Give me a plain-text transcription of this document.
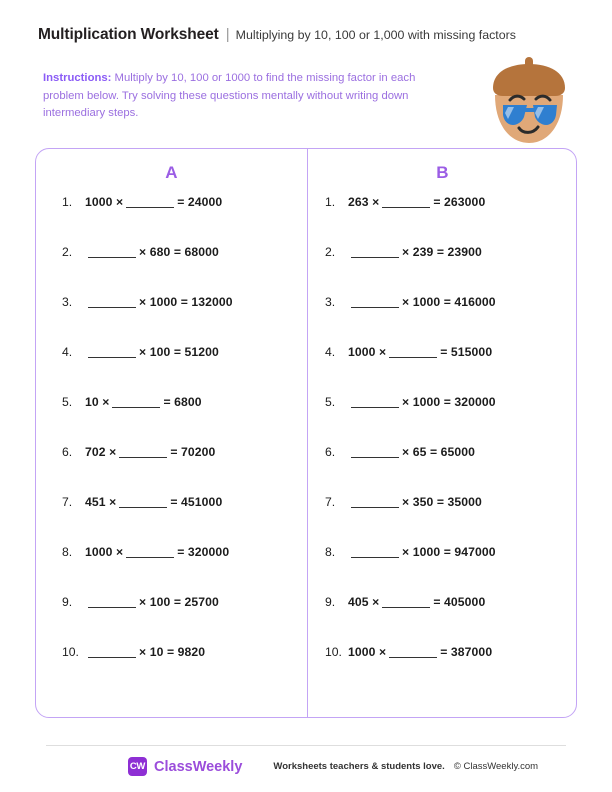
Multiplication Worksheet | Multiplying by 10, 100 or 1,000 with missing factors
Instructions: Multiply by 10, 100 or 1000 to find the missing factor in each problem below. Try solving these questions mentally without writing down intermediary steps.
A
1.	1000 ×	= 24000
2.	× 680 = 68000
3.	× 1000 = 132000
4.	× 100 = 51200
5.	10 ×	= 6800
6.	702 ×	= 70200
7.	451 ×	= 451000
8.	1000 ×	= 320000
9.	× 100 = 25700
10.	× 10 = 9820
B
1.	263 ×	= 263000
2.	× 239 = 23900
3.	× 1000 = 416000
4.	1000 ×	= 515000
5.	× 1000 = 320000
6.	× 65 = 65000
7.	× 350 = 35000
8.	× 1000 = 947000
9.	405 ×	= 405000
10. 1000 ×	= 387000
CW ClassWeekly	Worksheets teachers & students love. © ClassWeekly.com
